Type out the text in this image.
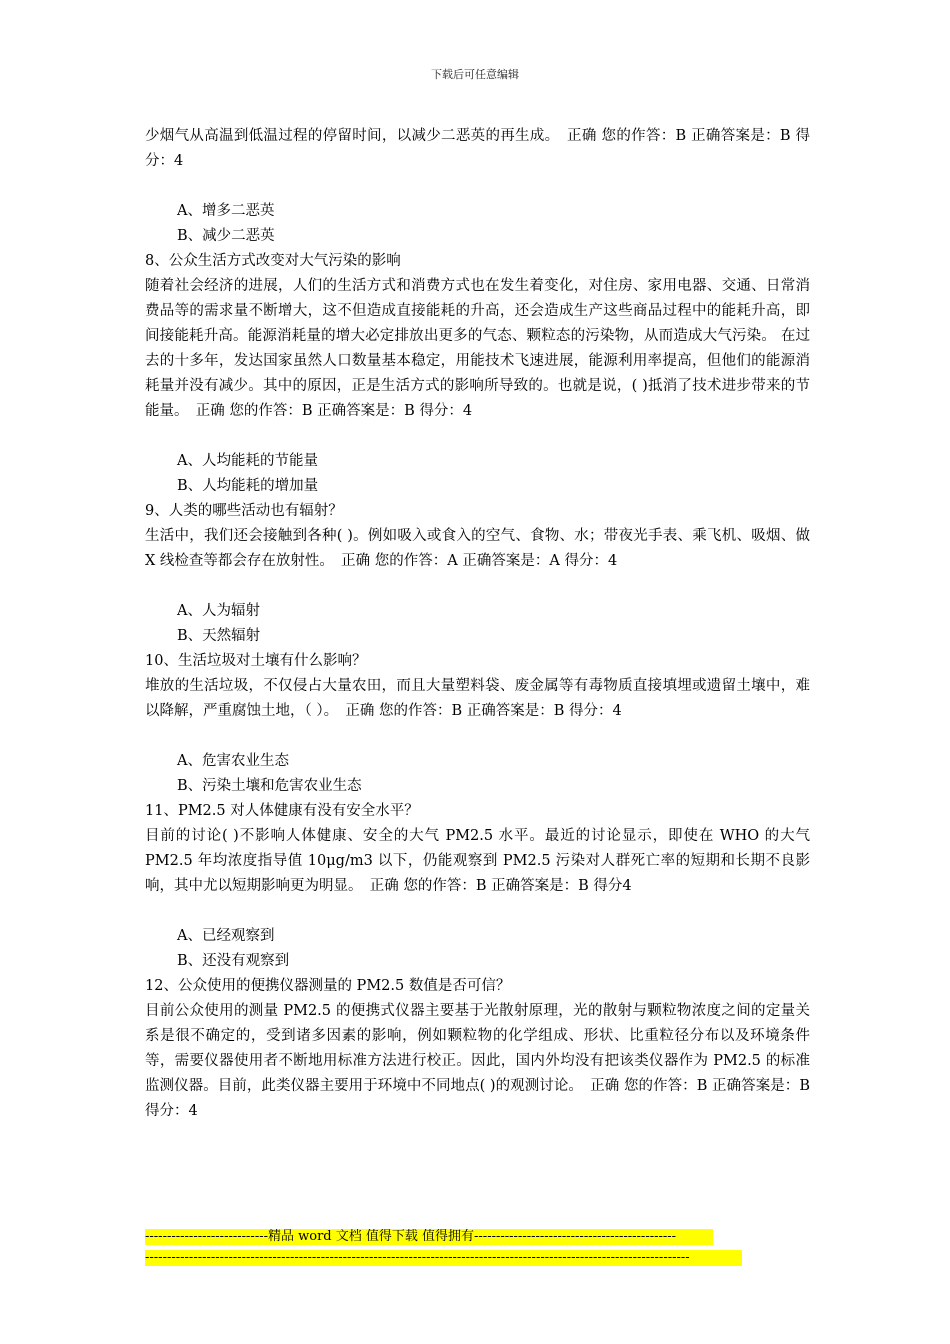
下载后可任意编辑

少烟气从高温到低温过程的停留时间，以减少二恶英的再生成。　正确 您的作答：B 正确答案是：B 得分：4

A、增多二恶英

B、减少二恶英

8、公众生活方式改变对大气污染的影响

随着社会经济的进展，人们的生活方式和消费方式也在发生着变化，对住房、家用电器、交通、日常消费品等的需求量不断增大，这不但造成直接能耗的升高，还会造成生产这些商品过程中的能耗升高，即间接能耗升高。能源消耗量的增大必定排放出更多的气态、颗粒态的污染物，从而造成大气污染。 在过去的十多年，发达国家虽然人口数量基本稳定，用能技术飞速进展，能源利用率提高，但他们的能源消耗量并没有减少。其中的原因，正是生活方式的影响所导致的。也就是说，( )抵消了技术进步带来的节能量。　正确 您的作答：B 正确答案是：B 得分：4

A、人均能耗的节能量

B、人均能耗的增加量

9、人类的哪些活动也有辐射？

生活中，我们还会接触到各种( )。例如吸入或食入的空气、食物、水；带夜光手表、乘飞机、吸烟、做 X 线检查等都会存在放射性。　正确 您的作答：A 正确答案是：A 得分：4

A、人为辐射

B、天然辐射

10、生活垃圾对土壤有什么影响？

堆放的生活垃圾，不仅侵占大量农田，而且大量塑料袋、废金属等有毒物质直接填埋或遗留土壤中，难以降解，严重腐蚀土地，（ ）。　正确 您的作答：B 正确答案是：B 得分：4

A、危害农业生态

B、污染土壤和危害农业生态

11、PM2.5 对人体健康有没有安全水平？

目前的讨论( )不影响人体健康、安全的大气 PM2.5 水平。最近的讨论显示，即使在 WHO 的大气 PM2.5 年均浓度指导值 10μg/m3 以下，仍能观察到 PM2.5 污染对人群死亡率的短期和长期不良影响，其中尤以短期影响更为明显。　正确 您的作答：B 正确答案是：B 得分4

A、已经观察到

B、还没有观察到

12、公众使用的便携仪器测量的 PM2.5 数值是否可信？

目前公众使用的测量 PM2.5 的便携式仪器主要基于光散射原理，光的散射与颗粒物浓度之间的定量关系是很不确定的，受到诸多因素的影响，例如颗粒物的化学组成、形状、比重粒径分布以及环境条件等，需要仪器使用者不断地用标准方法进行校正。因此，国内外均没有把该类仪器作为 PM2.5 的标准监测仪器。目前，此类仪器主要用于环境中不同地点( )的观测讨论。　正确 您的作答：B 正确答案是：B 得分：4

----------------------------精品 word 文档 值得下载 值得拥有----------------------------------------------
----------------------------------------------------------------------------------------------------------------------------
